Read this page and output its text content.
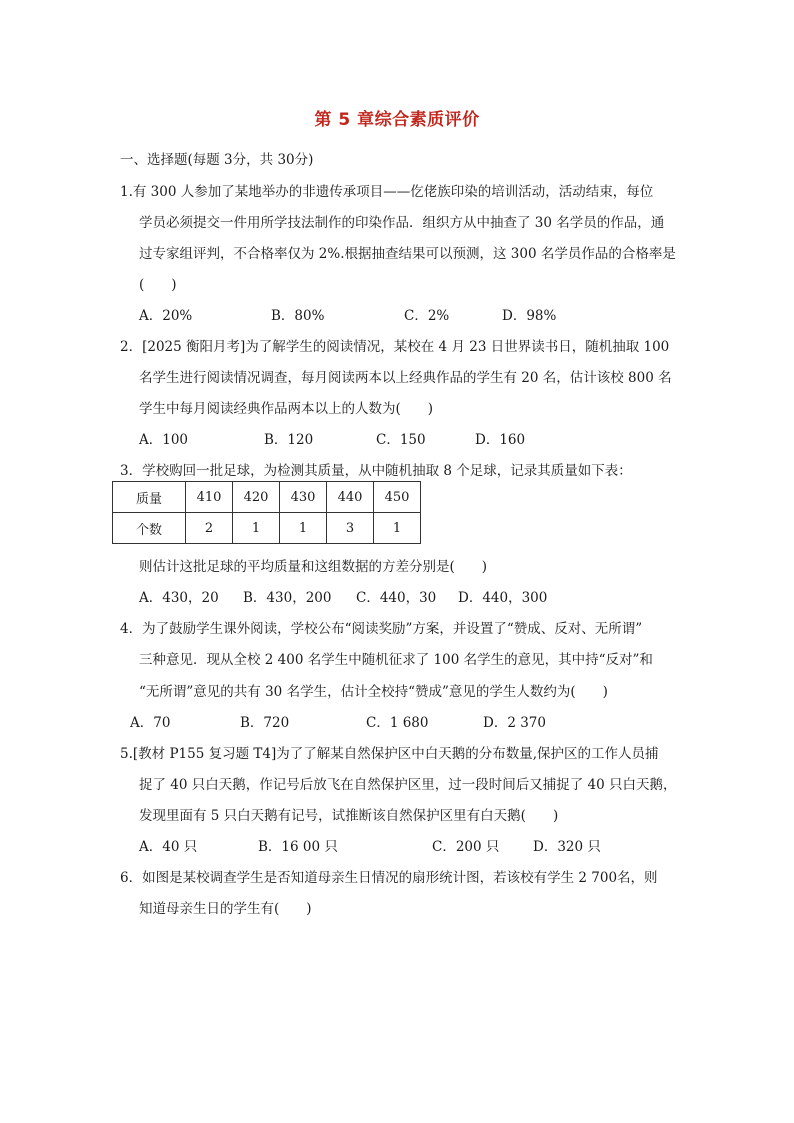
第 5 章综合素质评价
一、选择题(每题 3分，共 30分)
1.有 300 人参加了某地举办的非遗传承项目——仡佬族印染的培训活动，活动结束，每位
学员必须提交一件用所学技法制作的印染作品．组织方从中抽查了 30 名学员的作品，通
过专家组评判，不合格率仅为 2%.根据抽查结果可以预测，这 300 名学员作品的合格率是
(　　)
A．20%	B．80%	C．2%	D．98%
2．[2025 衡阳月考]为了解学生的阅读情况，某校在 4 月 23 日世界读书日，随机抽取 100
名学生进行阅读情况调查，每月阅读两本以上经典作品的学生有 20 名，估计该校 800 名
学生中每月阅读经典作品两本以上的人数为(　　)
A．100	B．120	C．150	D．160
3．学校购回一批足球，为检测其质量，从中随机抽取 8 个足球，记录其质量如下表：
质量	410	420	430	440	450
个数	2	1	1	3	1
则估计这批足球的平均质量和这组数据的方差分别是(　　)
A．430，20 B．430，200 C．440，30 D．440，300
4．为了鼓励学生课外阅读，学校公布“阅读奖励”方案，并设置了“赞成、反对、无所谓”
三种意见．现从全校 2 400 名学生中随机征求了 100 名学生的意见，其中持“反对”和
“无所谓”意见的共有 30 名学生，估计全校持“赞成”意见的学生人数约为(　　)
A．70	B．720	C．1 680	D．2 370
5.[教材 P155 复习题 T4]为了了解某自然保护区中白天鹅的分布数量,保护区的工作人员捕
捉了 40 只白天鹅，作记号后放飞在自然保护区里，过一段时间后又捕捉了 40 只白天鹅，
发现里面有 5 只白天鹅有记号，试推断该自然保护区里有白天鹅(　　)
A．40 只	B．16 00 只	C．200 只 D．320 只
6．如图是某校调查学生是否知道母亲生日情况的扇形统计图，若该校有学生 2 700名，则
知道母亲生日的学生有(　　)
